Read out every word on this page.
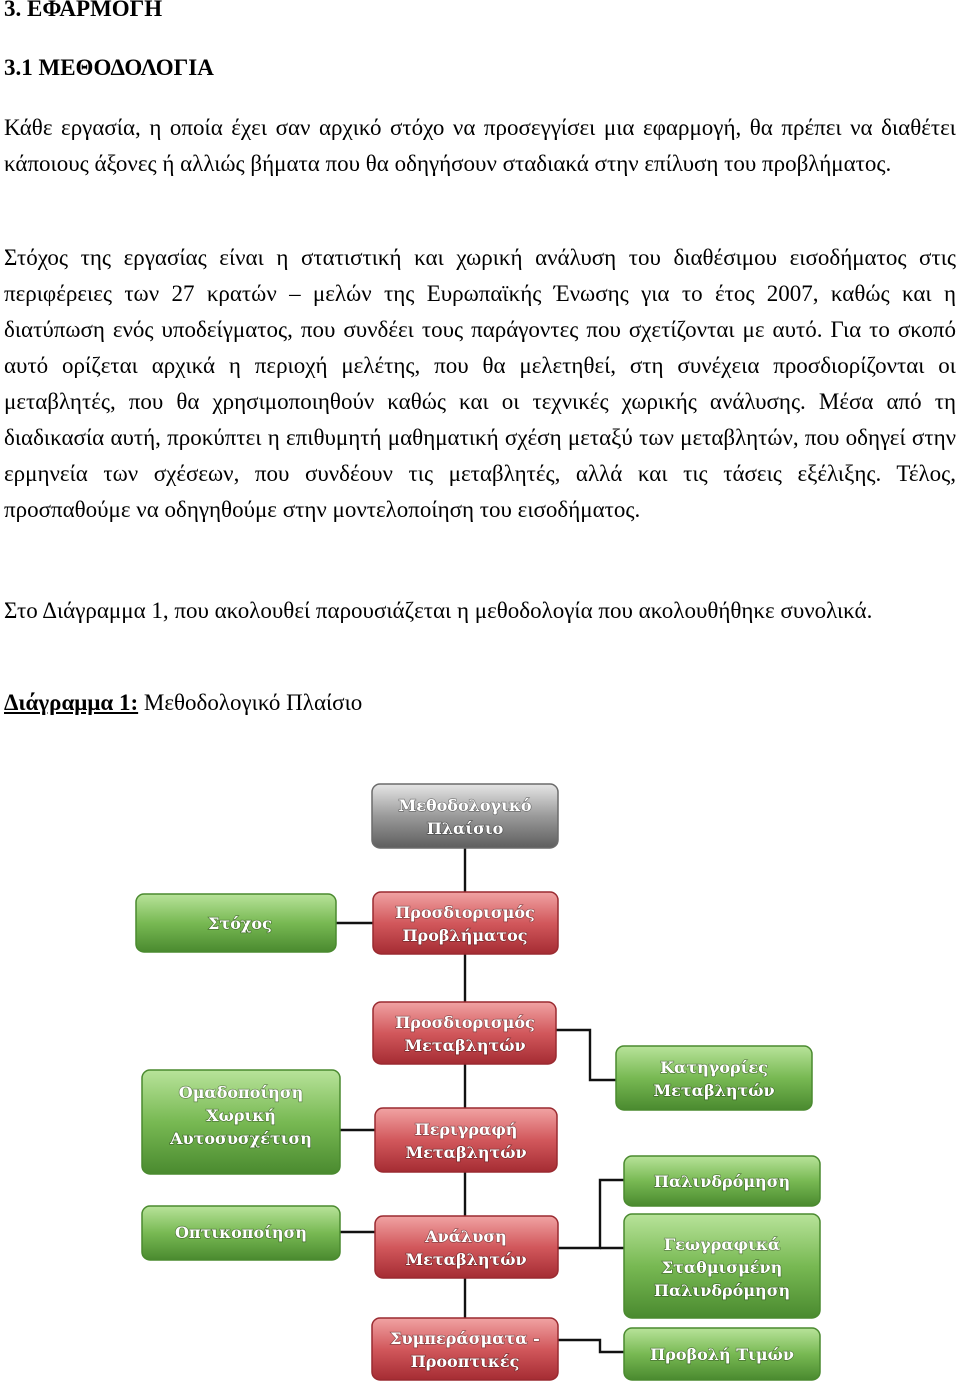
3. ΕΦΑΡΜΟΓΗ
3.1 ΜΕΘΟΔΟΛΟΓΙΑ

Κάθε εργασία, η οποία έχει σαν αρχικό στόχο να προσεγγίσει μια εφαρμογή, θα πρέπει να διαθέτει κάποιους άξονες ή αλλιώς βήματα που θα οδηγήσουν σταδιακά στην επίλυση του προβλήματος.

Στόχος της εργασίας είναι η στατιστική και χωρική ανάλυση του διαθέσιμου εισοδήματος στις περιφέρειες των 27 κρατών – μελών της Ευρωπαϊκής Ένωσης για το έτος 2007, καθώς και η διατύπωση ενός υποδείγματος, που συνδέει τους παράγοντες που σχετίζονται με αυτό. Για το σκοπό αυτό ορίζεται αρχικά η περιοχή μελέτης, που θα μελετηθεί, στη συνέχεια προσδιορίζονται οι μεταβλητές, που θα χρησιμοποιηθούν καθώς και οι τεχνικές χωρικής ανάλυσης. Μέσα από τη διαδικασία αυτή, προκύπτει η επιθυμητή μαθηματική σχέση μεταξύ των μεταβλητών, που οδηγεί στην ερμηνεία των σχέσεων, που συνδέουν τις μεταβλητές, αλλά και τις τάσεις εξέλιξης. Τέλος, προσπαθούμε να οδηγηθούμε στην μοντελοποίηση του εισοδήματος.

Στο Διάγραμμα 1, που ακολουθεί παρουσιάζεται η μεθοδολογία που ακολουθήθηκε συνολικά.

Διάγραμμα 1: Μεθοδολογικό Πλαίσιο
Μεθοδολογικό
Πλαίσιο
Στόχος
Προσδιορισμός
Προβλήματος
Προσδιορισμός
Μεταβλητών
Κατηγορίες
Μεταβλητών
Ομαδοποίηση
Χωρική
Αυτοσυσχέτιση	Περιγραφή
Μεταβλητών
Παλινδρόμηση
Οπτικοποίηση	Ανάλυση
Μεταβλητών
Γεωγραφικά
Σταθμισμένη
Παλινδρόμηση
Συμπεράσματα -
Προοπτικές	Προβολή Τιμών
